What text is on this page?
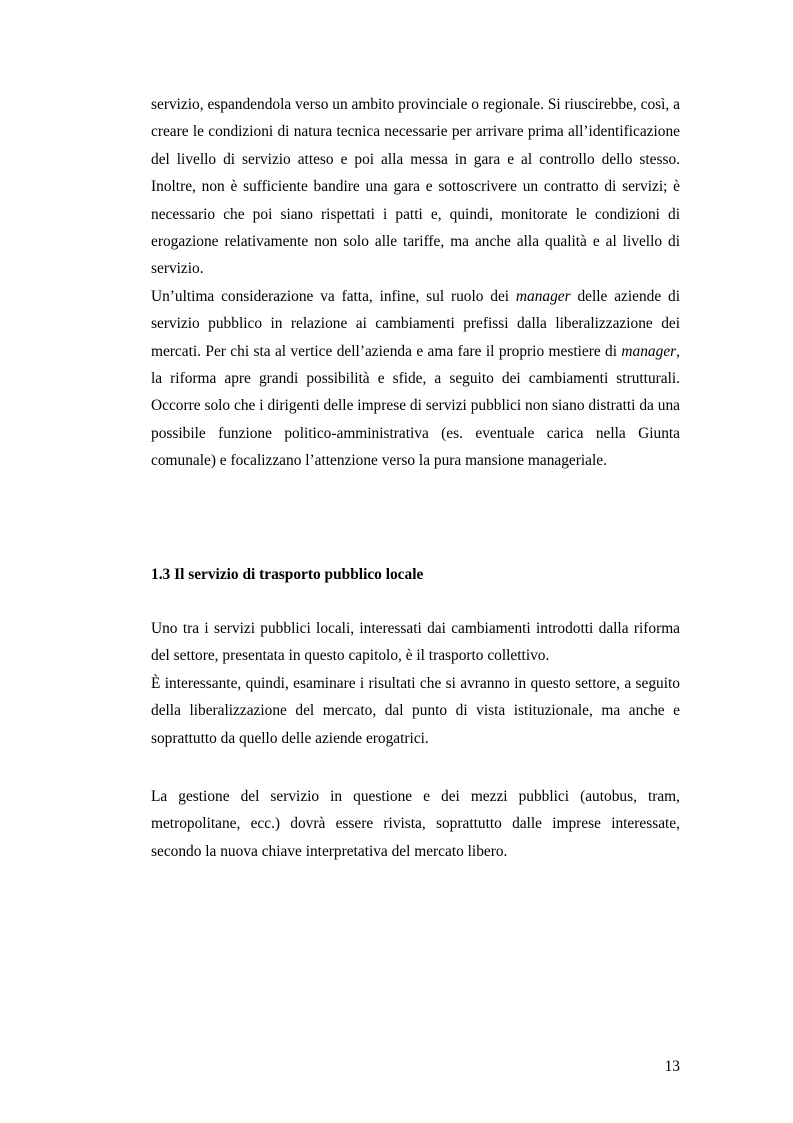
servizio, espandendola verso un ambito provinciale o regionale. Si riuscirebbe, così, a creare le condizioni di natura tecnica necessarie per arrivare prima all’identificazione del livello di servizio atteso e poi alla messa in gara e al controllo dello stesso. Inoltre, non è sufficiente bandire una gara e sottoscrivere un contratto di servizi; è necessario che poi siano rispettati i patti e, quindi, monitorate le condizioni di erogazione relativamente non solo alle tariffe, ma anche alla qualità e al livello di servizio.

Un’ultima considerazione va fatta, infine, sul ruolo dei manager delle aziende di servizio pubblico in relazione ai cambiamenti prefissi dalla liberalizzazione dei mercati. Per chi sta al vertice dell’azienda e ama fare il proprio mestiere di manager, la riforma apre grandi possibilità e sfide, a seguito dei cambiamenti strutturali. Occorre solo che i dirigenti delle imprese di servizi pubblici non siano distratti da una possibile funzione politico-amministrativa (es. eventuale carica nella Giunta comunale) e focalizzano l’attenzione verso la pura mansione manageriale.

1.3 Il servizio di trasporto pubblico locale

Uno tra i servizi pubblici locali, interessati dai cambiamenti introdotti dalla riforma del settore, presentata in questo capitolo, è il trasporto collettivo.

È interessante, quindi, esaminare i risultati che si avranno in questo settore, a seguito della liberalizzazione del mercato, dal punto di vista istituzionale, ma anche e soprattutto da quello delle aziende erogatrici.

La gestione del servizio in questione e dei mezzi pubblici (autobus, tram, metropolitane, ecc.) dovrà essere rivista, soprattutto dalle imprese interessate, secondo la nuova chiave interpretativa del mercato libero.

13
